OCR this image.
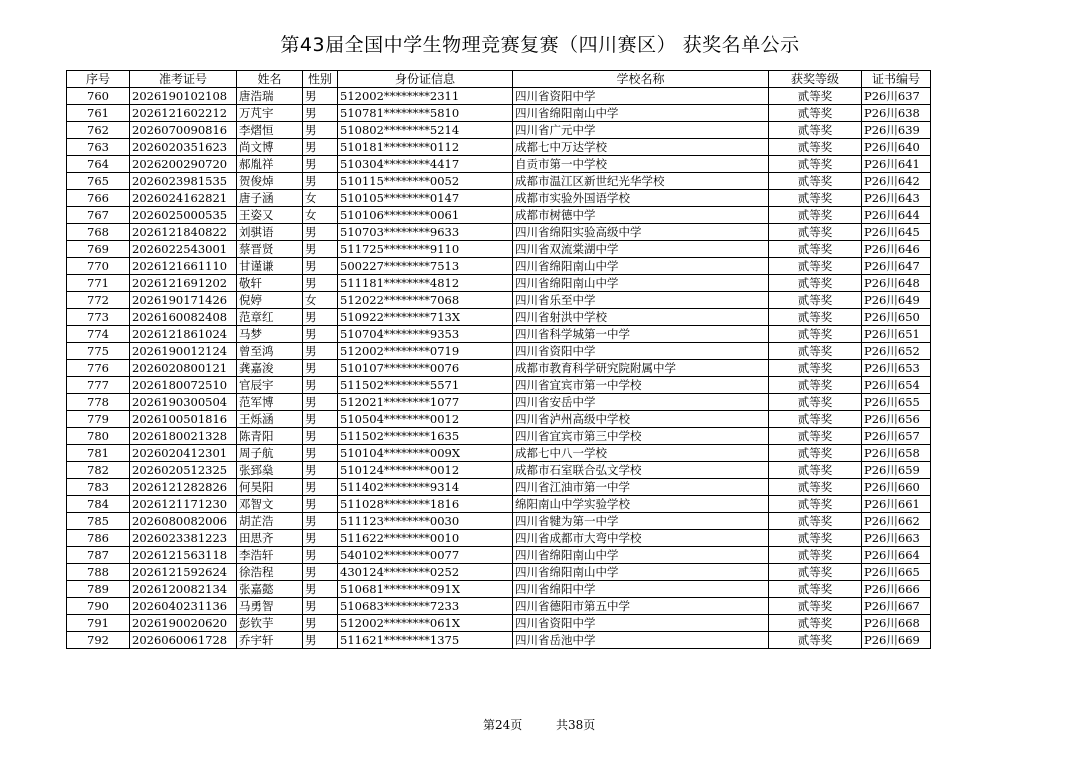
第43届全国中学生物理竞赛复赛（四川赛区） 获奖名单公示
序号	准考证号	姓名	性别	身份证信息	学校名称	获奖等级	证书编号
760	2026190102108	唐浩瑞	男	512002********2311	四川省资阳中学	贰等奖	P26川637
761	2026121602212	万芃宇	男	510781********5810	四川省绵阳南山中学	贰等奖	P26川638
762	2026070090816	李熠恒	男	510802********5214	四川省广元中学	贰等奖	P26川639
763	2026020351623	尚文博	男	510181********0112	成都七中万达学校	贰等奖	P26川640
764	2026200290720	郝胤祥	男	510304********4417	自贡市第一中学校	贰等奖	P26川641
765	2026023981535	贺俊焯	男	510115********0052	成都市温江区新世纪光华学校	贰等奖	P26川642
766	2026024162821	唐子涵	女	510105********0147	成都市实验外国语学校	贰等奖	P26川643
767	2026025000535	王姿又	女	510106********0061	成都市树德中学	贰等奖	P26川644
768	2026121840822	刘骐语	男	510703********9633	四川省绵阳实验高级中学	贰等奖	P26川645
769	2026022543001	蔡晋贤	男	511725********9110	四川省双流棠湖中学	贰等奖	P26川646
770	2026121661110	甘谨谦	男	500227********7513	四川省绵阳南山中学	贰等奖	P26川647
771	2026121691202	敬轩	男	511181********4812	四川省绵阳南山中学	贰等奖	P26川648
772	2026190171426	倪婷	女	512022********7068	四川省乐至中学	贰等奖	P26川649
773	2026160082408	范章红	男	510922********713X	四川省射洪中学校	贰等奖	P26川650
774	2026121861024	马梦	男	510704********9353	四川省科学城第一中学	贰等奖	P26川651
775	2026190012124	曾至鸿	男	512002********0719	四川省资阳中学	贰等奖	P26川652
776	2026020800121	龚嘉浚	男	510107********0076	成都市教育科学研究院附属中学	贰等奖	P26川653
777	2026180072510	官辰宇	男	511502********5571	四川省宜宾市第一中学校	贰等奖	P26川654
778	2026190300504	范军博	男	512021********1077	四川省安岳中学	贰等奖	P26川655
779	2026100501816	王烁涵	男	510504********0012	四川省泸州高级中学校	贰等奖	P26川656
780	2026180021328	陈青阳	男	511502********1635	四川省宜宾市第三中学校	贰等奖	P26川657
781	2026020412301	周子航	男	510104********009X	成都七中八一学校	贰等奖	P26川658
782	2026020512325	张郅燊	男	510124********0012	成都市石室联合弘文学校	贰等奖	P26川659
783	2026121282826	何昊阳	男	511402********9314	四川省江油市第一中学	贰等奖	P26川660
784	2026121171230	邓智文	男	511028********1816	绵阳南山中学实验学校	贰等奖	P26川661
785	2026080082006	胡芷浩	男	511123********0030	四川省犍为第一中学	贰等奖	P26川662
786	2026023381223	田思齐	男	511622********0010	四川省成都市大弯中学校	贰等奖	P26川663
787	2026121563118	李浩轩	男	540102********0077	四川省绵阳南山中学	贰等奖	P26川664
788	2026121592624	徐浩程	男	430124********0252	四川省绵阳南山中学	贰等奖	P26川665
789	2026120082134	张嘉懿	男	510681********091X	四川省绵阳中学	贰等奖	P26川666
790	2026040231136	马勇智	男	510683********7233	四川省德阳市第五中学	贰等奖	P26川667
791	2026190020620	彭钦芋	男	512002********061X	四川省资阳中学	贰等奖	P26川668
792	2026060061728	乔宇轩	男	511621********1375	四川省岳池中学	贰等奖	P26川669
第24页	共38页
